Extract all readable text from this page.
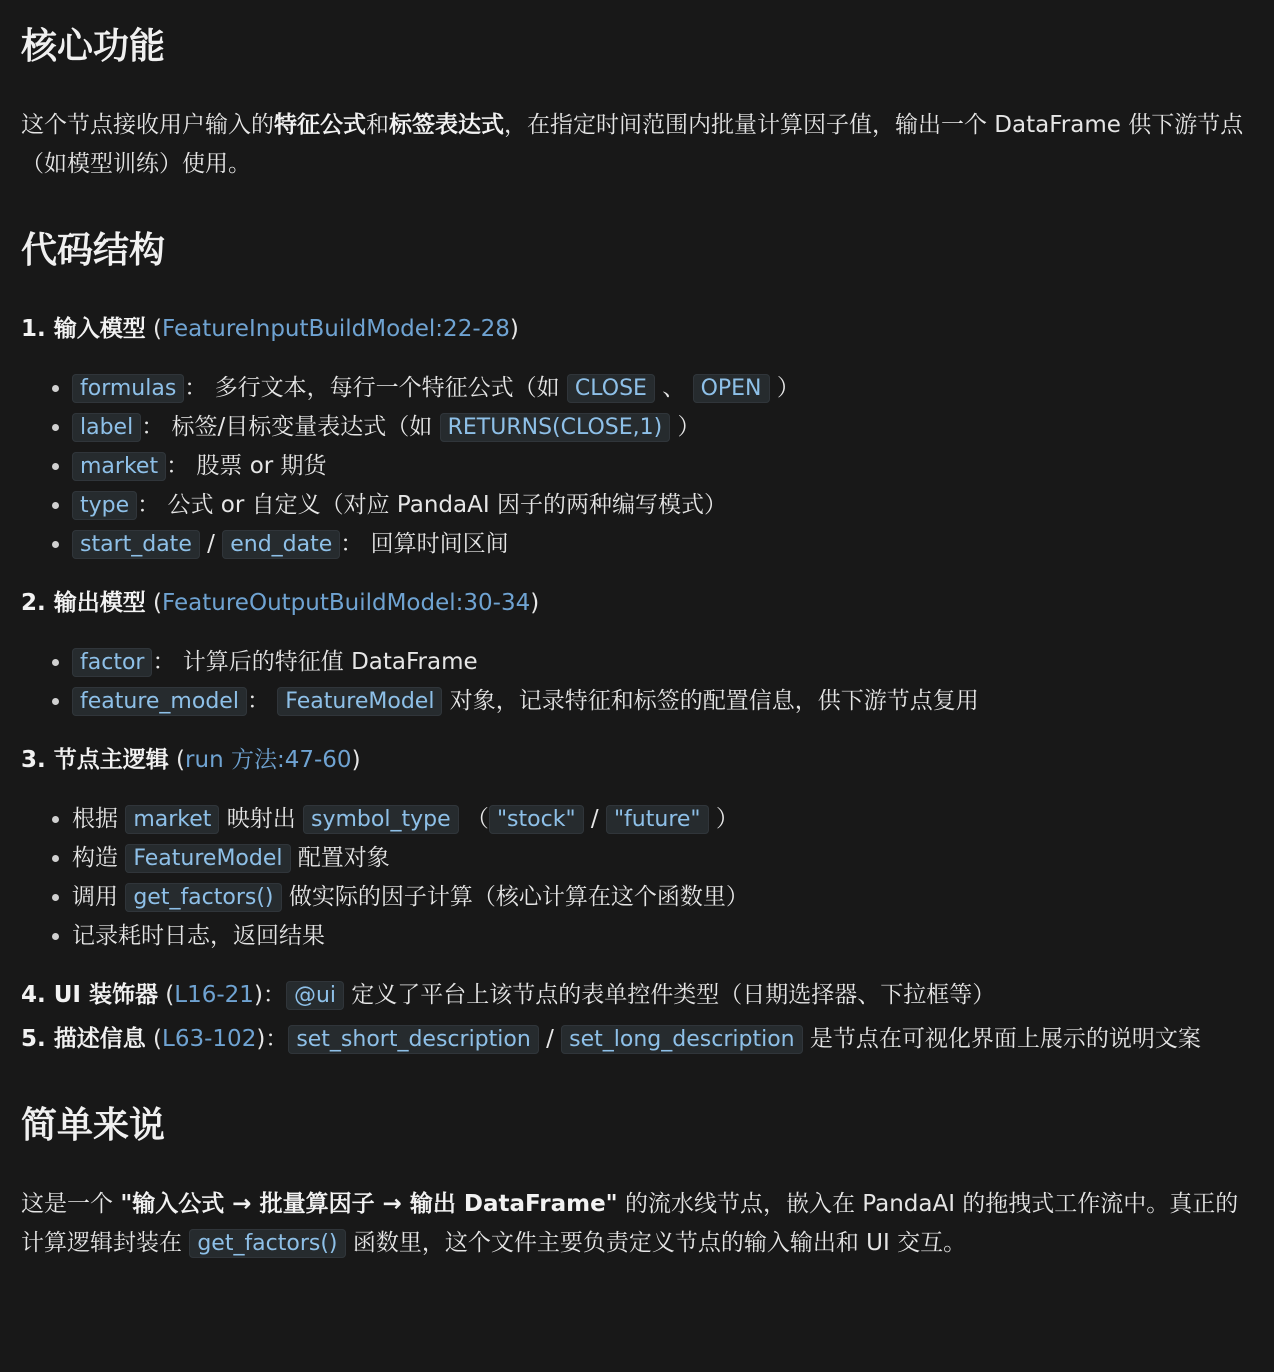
核心功能

这个节点接收用户输入的特征公式和标签表达式，在指定时间范围内批量计算因子值，输出一个 DataFrame 供下游节点（如模型训练）使用。

代码结构

1. 输入模型 (FeatureInputBuildModel:22-28)

• formulas ： 多行文本，每行一个特征公式（如 CLOSE 、 OPEN ）
• label ： 标签/目标变量表达式（如 RETURNS(CLOSE,1) ）
• market ： 股票 or 期货
• type ： 公式 or 自定义（对应 PandaAI 因子的两种编写模式）
• start_date / end_date ： 回算时间区间

2. 输出模型 (FeatureOutputBuildModel:30-34)

• factor ： 计算后的特征值 DataFrame
• feature_model ： FeatureModel 对象，记录特征和标签的配置信息，供下游节点复用

3. 节点主逻辑 (run 方法:47-60)

• 根据 market 映射出 symbol_type （ "stock" / "future" ）
• 构造 FeatureModel 配置对象
• 调用 get_factors() 做实际的因子计算（核心计算在这个函数里）
• 记录耗时日志，返回结果

4. UI 装饰器 (L16-21)： @ui 定义了平台上该节点的表单控件类型（日期选择器、下拉框等）

5. 描述信息 (L63-102)： set_short_description / set_long_description 是节点在可视化界面上展示的说明文案

简单来说

这是一个 "输入公式 → 批量算因子 → 输出 DataFrame" 的流水线节点，嵌入在 PandaAI 的拖拽式工作流中。真正的计算逻辑封装在 get_factors() 函数里，这个文件主要负责定义节点的输入输出和 UI 交互。
